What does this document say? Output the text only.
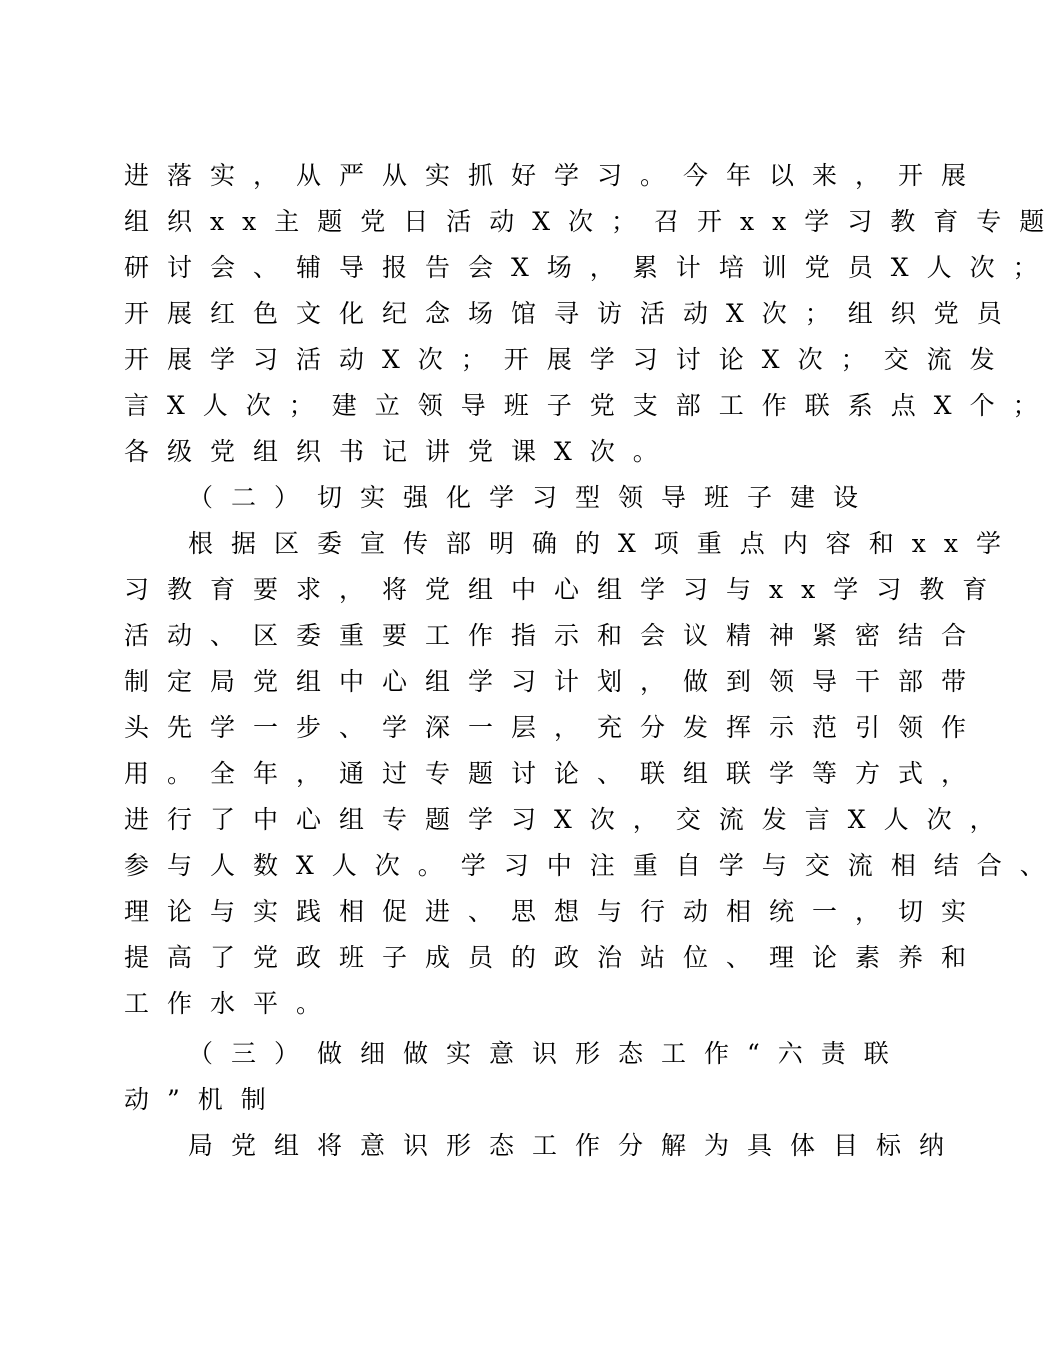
进落实，从严从实抓好学习。今年以来，开展
组织xx主题党日活动X次；召开xx学习教育专题
研讨会、辅导报告会X场，累计培训党员X人次；
开展红色文化纪念场馆寻访活动X次；组织党员
开展学习活动X次；开展学习讨论X次；交流发
言X人次；建立领导班子党支部工作联系点X个；
各级党组织书记讲党课X次。
（二）切实强化学习型领导班子建设
根据区委宣传部明确的X项重点内容和xx学
习教育要求，将党组中心组学习与xx学习教育
活动、区委重要工作指示和会议精神紧密结合
制定局党组中心组学习计划，做到领导干部带
头先学一步、学深一层，充分发挥示范引领作
用。全年，通过专题讨论、联组联学等方式，
进行了中心组专题学习X次，交流发言X人次，
参与人数X人次。学习中注重自学与交流相结合、
理论与实践相促进、思想与行动相统一，切实
提高了党政班子成员的政治站位、理论素养和
工作水平。
（三）做细做实意识形态工作“六责联
动”机制
局党组将意识形态工作分解为具体目标纳
